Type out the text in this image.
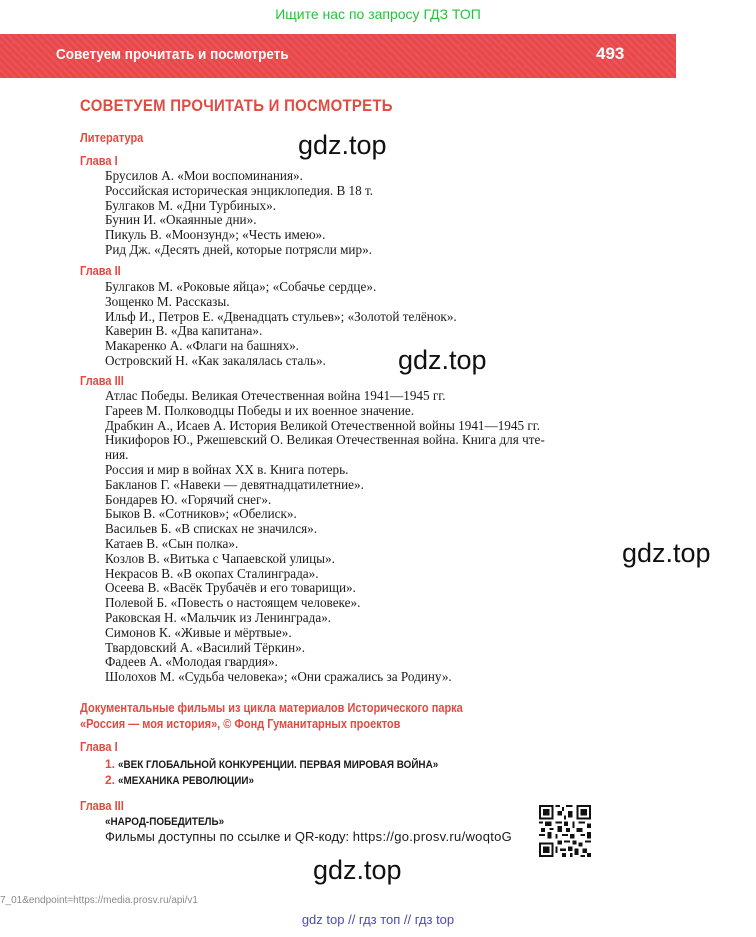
Ищите нас по запросу ГДЗ ТОП
Советуем прочитать и посмотреть	493
СОВЕТУЕМ ПРОЧИТАТЬ И ПОСМОТРЕТЬ
Литература
Глава I
Брусилов А. «Мои воспоминания».
Российская историческая энциклопедия. В 18 т.
Булгаков М. «Дни Турбиных».
Бунин И. «Окаянные дни».
Пикуль В. «Моонзунд»; «Честь имею».
Рид Дж. «Десять дней, которые потрясли мир».
Глава II
Булгаков М. «Роковые яйца»; «Собачье сердце».
Зощенко М. Рассказы.
Ильф И., Петров Е. «Двенадцать стульев»; «Золотой телёнок».
Каверин В. «Два капитана».
Макаренко А. «Флаги на башнях».
Островский Н. «Как закалялась сталь».
Глава III
Атлас Победы. Великая Отечественная война 1941—1945 гг.
Гареев М. Полководцы Победы и их военное значение.
Драбкин А., Исаев А. История Великой Отечественной войны 1941—1945 гг.
Никифоров Ю., Ржешевский О. Великая Отечественная война. Книга для чте-
ния.
Россия и мир в войнах XX в. Книга потерь.
Бакланов Г. «Навеки — девятнадцатилетние».
Бондарев Ю. «Горячий снег».
Быков В. «Сотников»; «Обелиск».
Васильев Б. «В списках не значился».
Катаев В. «Сын полка».
Козлов В. «Витька с Чапаевской улицы».
Некрасов В. «В окопах Сталинграда».
Осеева В. «Васёк Трубачёв и его товарищи».
Полевой Б. «Повесть о настоящем человеке».
Раковская Н. «Мальчик из Ленинграда».
Симонов К. «Живые и мёртвые».
Твардовский А. «Василий Тёркин».
Фадеев А. «Молодая гвардия».
Шолохов М. «Судьба человека»; «Они сражались за Родину».
Документальные фильмы из цикла материалов Исторического парка
«Россия — моя история», © Фонд Гуманитарных проектов
Глава I
1. «ВЕК ГЛОБАЛЬНОЙ КОНКУРЕНЦИИ. ПЕРВАЯ МИРОВАЯ ВОЙНА»
2. «МЕХАНИКА РЕВОЛЮЦИИ»
Глава III
«НАРОД-ПОБЕДИТЕЛЬ»
Фильмы доступны по ссылке и QR-коду: https://go.prosv.ru/woqtoG
gdz.top
gdz.top
gdz.top
gdz.top
7_01&endpoint=https://media.prosv.ru/api/v1
gdz top // гдз топ // гдз top
